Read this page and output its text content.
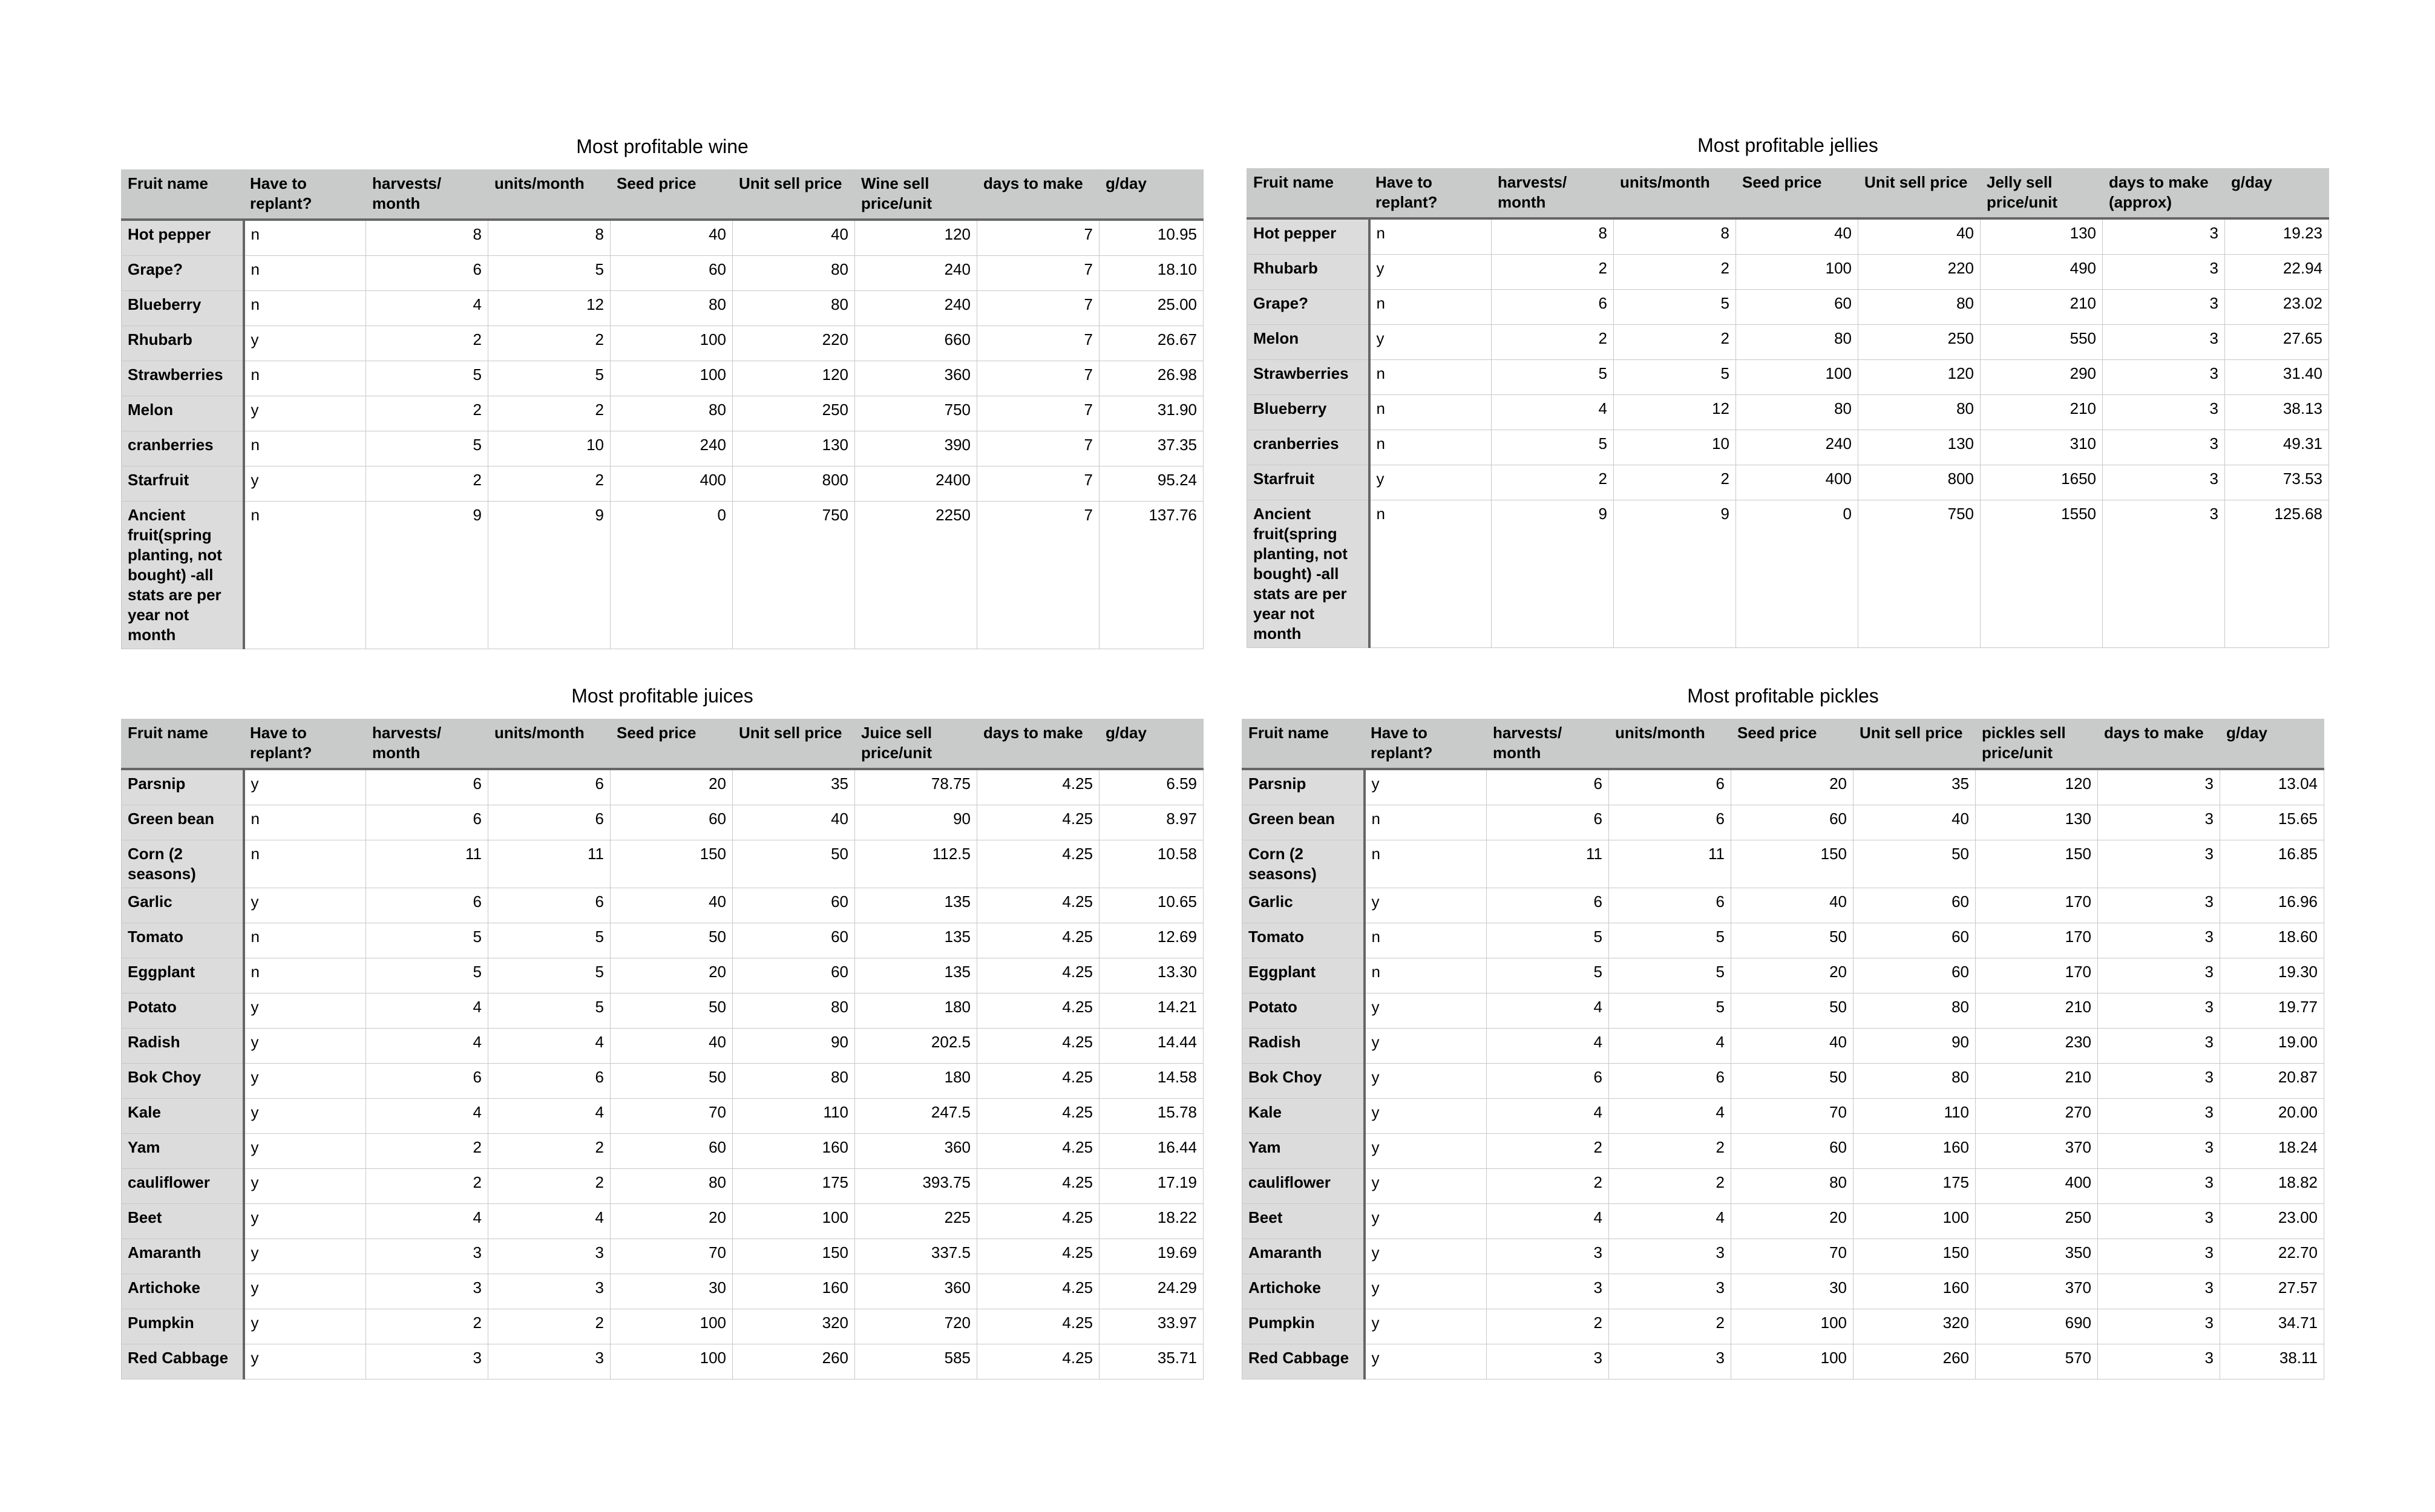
Most profitable wine
Fruit name	Have to replant?	harvests/ month	units/month	Seed price	Unit sell price	Wine sell price/unit	days to make	g/day
Hot pepper	n	8	8	40	40	120	7	10.95
Grape?	n	6	5	60	80	240	7	18.10
Blueberry	n	4	12	80	80	240	7	25.00
Rhubarb	y	2	2	100	220	660	7	26.67
Strawberries	n	5	5	100	120	360	7	26.98
Melon	y	2	2	80	250	750	7	31.90
cranberries	n	5	10	240	130	390	7	37.35
Starfruit	y	2	2	400	800	2400	7	95.24
Ancient fruit(spring planting, not bought) -all stats are per year not month	n	9	9	0	750	2250	7	137.76
Most profitable jellies
Fruit name	Have to replant?	harvests/ month	units/month	Seed price	Unit sell price	Jelly sell price/unit	days to make (approx)	g/day
Hot pepper	n	8	8	40	40	130	3	19.23
Rhubarb	y	2	2	100	220	490	3	22.94
Grape?	n	6	5	60	80	210	3	23.02
Melon	y	2	2	80	250	550	3	27.65
Strawberries	n	5	5	100	120	290	3	31.40
Blueberry	n	4	12	80	80	210	3	38.13
cranberries	n	5	10	240	130	310	3	49.31
Starfruit	y	2	2	400	800	1650	3	73.53
Ancient fruit(spring planting, not bought) -all stats are per year not month	n	9	9	0	750	1550	3	125.68
Most profitable juices
Fruit name	Have to replant?	harvests/ month	units/month	Seed price	Unit sell price	Juice sell price/unit	days to make	g/day
Parsnip	y	6	6	20	35	78.75	4.25	6.59
Green bean	n	6	6	60	40	90	4.25	8.97
Corn (2 seasons)	n	11	11	150	50	112.5	4.25	10.58
Garlic	y	6	6	40	60	135	4.25	10.65
Tomato	n	5	5	50	60	135	4.25	12.69
Eggplant	n	5	5	20	60	135	4.25	13.30
Potato	y	4	5	50	80	180	4.25	14.21
Radish	y	4	4	40	90	202.5	4.25	14.44
Bok Choy	y	6	6	50	80	180	4.25	14.58
Kale	y	4	4	70	110	247.5	4.25	15.78
Yam	y	2	2	60	160	360	4.25	16.44
cauliflower	y	2	2	80	175	393.75	4.25	17.19
Beet	y	4	4	20	100	225	4.25	18.22
Amaranth	y	3	3	70	150	337.5	4.25	19.69
Artichoke	y	3	3	30	160	360	4.25	24.29
Pumpkin	y	2	2	100	320	720	4.25	33.97
Red Cabbage	y	3	3	100	260	585	4.25	35.71
Most profitable pickles
Fruit name	Have to replant?	harvests/ month	units/month	Seed price	Unit sell price	pickles sell price/unit	days to make	g/day
Parsnip	y	6	6	20	35	120	3	13.04
Green bean	n	6	6	60	40	130	3	15.65
Corn (2 seasons)	n	11	11	150	50	150	3	16.85
Garlic	y	6	6	40	60	170	3	16.96
Tomato	n	5	5	50	60	170	3	18.60
Eggplant	n	5	5	20	60	170	3	19.30
Potato	y	4	5	50	80	210	3	19.77
Radish	y	4	4	40	90	230	3	19.00
Bok Choy	y	6	6	50	80	210	3	20.87
Kale	y	4	4	70	110	270	3	20.00
Yam	y	2	2	60	160	370	3	18.24
cauliflower	y	2	2	80	175	400	3	18.82
Beet	y	4	4	20	100	250	3	23.00
Amaranth	y	3	3	70	150	350	3	22.70
Artichoke	y	3	3	30	160	370	3	27.57
Pumpkin	y	2	2	100	320	690	3	34.71
Red Cabbage	y	3	3	100	260	570	3	38.11
